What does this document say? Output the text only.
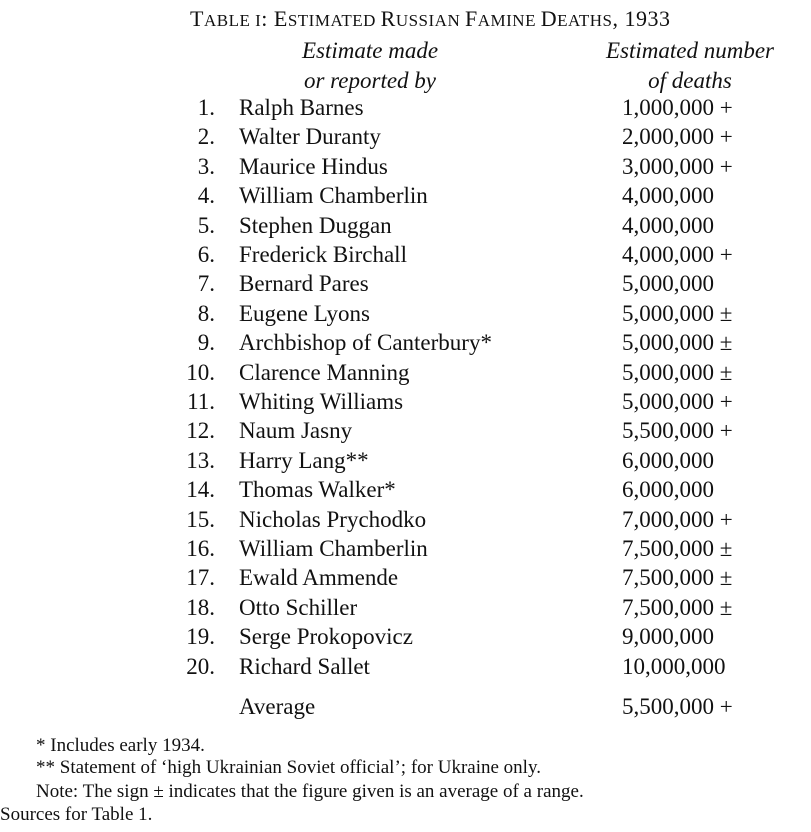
TABLE I: ESTIMATED RUSSIAN FAMINE DEATHS, 1933
Estimate made
or reported by
Estimated number
of deaths
1. Ralph Barnes	1,000,000 +
2. Walter Duranty	2,000,000 +
3. Maurice Hindus	3,000,000 +
4. William Chamberlin	4,000,000
5. Stephen Duggan	4,000,000
6. Frederick Birchall	4,000,000 +
7. Bernard Pares	5,000,000
8. Eugene Lyons	5,000,000 ±
9. Archbishop of Canterbury*	5,000,000 ±
10. Clarence Manning	5,000,000 ±
11. Whiting Williams	5,000,000 +
12. Naum Jasny	5,500,000 +
13. Harry Lang**	6,000,000
14. Thomas Walker*	6,000,000
15. Nicholas Prychodko	7,000,000 +
16. William Chamberlin	7,500,000 ±
17. Ewald Ammende	7,500,000 ±
18. Otto Schiller	7,500,000 ±
19. Serge Prokopovicz	9,000,000
20. Richard Sallet	10,000,000
Average	5,500,000 +
* Includes early 1934.
** Statement of ‘high Ukrainian Soviet official’; for Ukraine only.
Note: The sign ± indicates that the figure given is an average of a range.
Sources for Table 1.
